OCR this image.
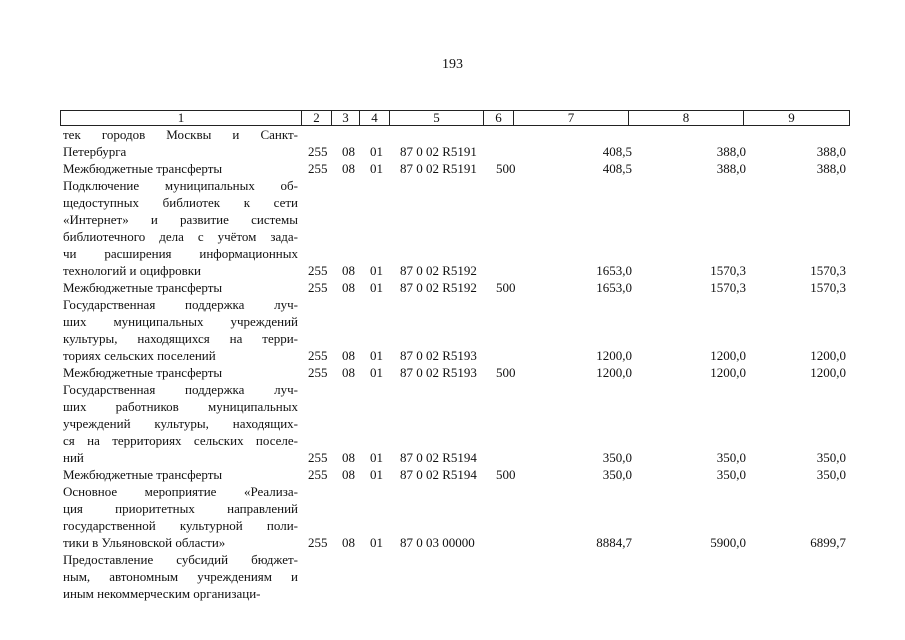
193
1	2	3	4	5	6	7	8	9
тек городов Москвы и Санкт-
Петербурга	255 08 01 87 0 02 R5191	408,5	388,0	388,0
Межбюджетные трансферты	255 08 01 87 0 02 R5191 500	408,5	388,0	388,0
Подключение муниципальных об-
щедоступных библиотек к сети
«Интернет» и развитие системы
библиотечного дела с учётом зада-
чи расширения информационных
технологий и оцифровки	255 08 01 87 0 02 R5192	1653,0	1570,3	1570,3
Межбюджетные трансферты	255 08 01 87 0 02 R5192 500	1653,0	1570,3	1570,3
Государственная поддержка луч-
ших муниципальных учреждений
культуры, находящихся на терри-
ториях сельских поселений	255 08 01 87 0 02 R5193	1200,0	1200,0	1200,0
Межбюджетные трансферты	255 08 01 87 0 02 R5193 500	1200,0	1200,0	1200,0
Государственная поддержка луч-
ших работников муниципальных
учреждений культуры, находящих-
ся на территориях сельских поселе-
ний	255 08 01 87 0 02 R5194	350,0	350,0	350,0
Межбюджетные трансферты	255 08 01 87 0 02 R5194 500	350,0	350,0	350,0
Основное мероприятие «Реализа-
ция приоритетных направлений
государственной культурной поли-
тики в Ульяновской области»	255 08 01 87 0 03 00000	8884,7	5900,0	6899,7
Предоставление субсидий бюджет-
ным, автономным учреждениям и
иным некоммерческим организаци-
